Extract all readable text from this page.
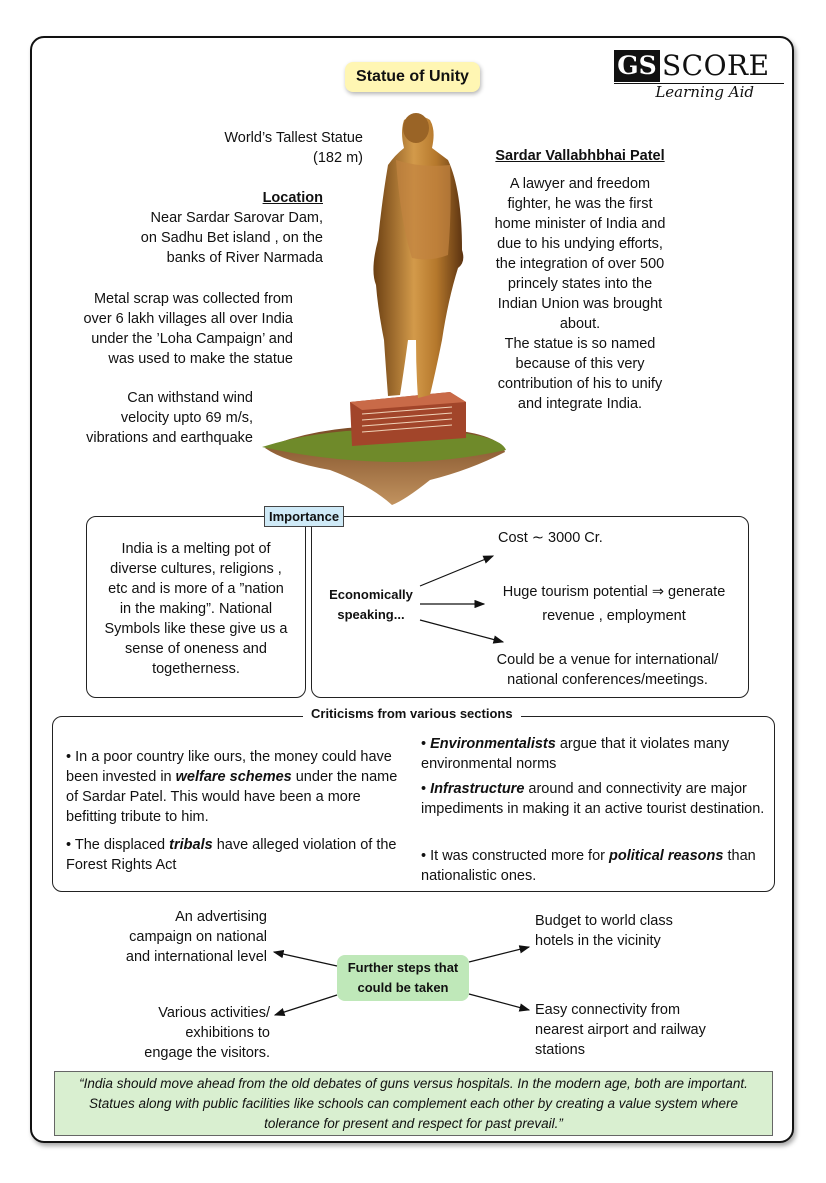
Statue of Unity	GS SCORE
Learning Aid
World’s Tallest Statue
(182 m)
Location
Near Sardar Sarovar Dam,
on Sadhu Bet island , on the
banks of River Narmada
Metal scrap was collected from
over 6 lakh villages all over India
under the ’Loha Campaign’ and
was used to make the statue
Can withstand wind
velocity upto 69 m/s,
vibrations and earthquake
Sardar Vallabhbhai Patel
A lawyer and freedom
fighter, he was the first
home minister of India and
due to his undying efforts,
the integration of over 500
princely states into the
Indian Union was brought
about.
The statue is so named
because of this very
contribution of his to unify
and integrate India.
Importance
India is a melting pot of
diverse cultures, religions ,
etc and is more of a ”nation
in the making”. National
Symbols like these give us a
sense of oneness and
togetherness.
Economically
speaking...
Cost ∼ 3000 Cr.
Huge tourism potential ⇒ generate
revenue , employment
Could be a venue for international/
national conferences/meetings.
Criticisms from various sections
• In a poor country like ours, the money could have been invested in welfare schemes under the name of Sardar Patel. This would have been a more befitting tribute to him.
• The displaced tribals have alleged violation of the Forest Rights Act
• Environmentalists argue that it violates many environmental norms
• Infrastructure around and connectivity are major impediments in making it an active tourist destination.
• It was constructed more for political reasons than nationalistic ones.
Further steps that
could be taken
An advertising
campaign on national
and international level
Various activities/
exhibitions to
engage the visitors.
Budget to world class
hotels in the vicinity
Easy connectivity from
nearest airport and railway
stations
“India should move ahead from the old debates of guns versus hospitals. In the modern age, both are important.
Statues along with public facilities like schools can complement each other by creating a value system where
tolerance for present and respect for past prevail.”
